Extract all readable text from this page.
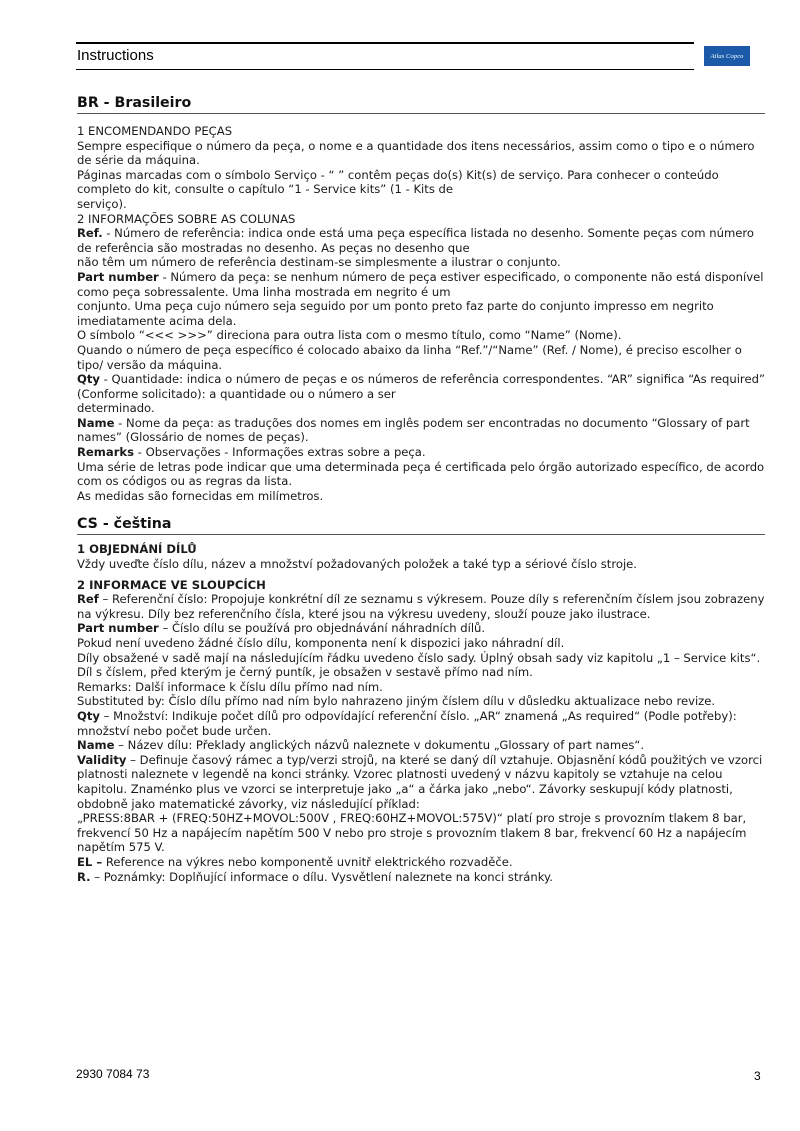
Instructions	Atlas Copco
BR - Brasileiro

1 ENCOMENDANDO PEÇAS

Sempre especifique o número da peça, o nome e a quantidade dos itens necessários, assim como o tipo e o número de série da máquina.

Páginas marcadas com o símbolo Serviço - “ ” contêm peças do(s) Kit(s) de serviço. Para conhecer o conteúdo completo do kit, consulte o capítulo “1 - Service kits” (1 - Kits de

serviço).

2 INFORMAÇÕES SOBRE AS COLUNAS

Ref. - Número de referência: indica onde está uma peça específica listada no desenho. Somente peças com número de referência são mostradas no desenho. As peças no desenho que

não têm um número de referência destinam-se simplesmente a ilustrar o conjunto.

Part number - Número da peça: se nenhum número de peça estiver especificado, o componente não está disponível como peça sobressalente. Uma linha mostrada em negrito é um

conjunto. Uma peça cujo número seja seguido por um ponto preto faz parte do conjunto impresso em negrito imediatamente acima dela.

O símbolo “<<< >>>” direciona para outra lista com o mesmo título, como “Name” (Nome).

Quando o número de peça específico é colocado abaixo da linha “Ref.”/“Name” (Ref. / Nome), é preciso escolher o tipo/ versão da máquina.

Qty - Quantidade: indica o número de peças e os números de referência correspondentes. “AR” significa “As required” (Conforme solicitado): a quantidade ou o número a ser

determinado.

Name - Nome da peça: as traduções dos nomes em inglês podem ser encontradas no documento “Glossary of part names” (Glossário de nomes de peças).

Remarks - Observações - Informações extras sobre a peça.

Uma série de letras pode indicar que uma determinada peça é certificada pelo órgão autorizado específico, de acordo com os códigos ou as regras da lista.

As medidas são fornecidas em milímetros.

CS - čeština

1 OBJEDNÁNÍ DÍLŮ

Vždy uveďte číslo dílu, název a množství požadovaných položek a také typ a sériové číslo stroje.

2 INFORMACE VE SLOUPCÍCH

Ref – Referenční číslo: Propojuje konkrétní díl ze seznamu s výkresem. Pouze díly s referenčním číslem jsou zobrazeny na výkresu. Díly bez referenčního čísla, které jsou na výkresu uvedeny, slouží pouze jako ilustrace.

Part number – Číslo dílu se používá pro objednávání náhradních dílů.

Pokud není uvedeno žádné číslo dílu, komponenta není k dispozici jako náhradní díl.

Díly obsažené v sadě mají na následujícím řádku uvedeno číslo sady. Úplný obsah sady viz kapitolu „1 – Service kits“.

Díl s číslem, před kterým je černý puntík, je obsažen v sestavě přímo nad ním.

Remarks: Další informace k číslu dílu přímo nad ním.

Substituted by: Číslo dílu přímo nad ním bylo nahrazeno jiným číslem dílu v důsledku aktualizace nebo revize.

Qty – Množství: Indikuje počet dílů pro odpovídající referenční číslo. „AR“ znamená „As required“ (Podle potřeby): množství nebo počet bude určen.

Name – Název dílu: Překlady anglických názvů naleznete v dokumentu „Glossary of part names“.

Validity – Definuje časový rámec a typ/verzi strojů, na které se daný díl vztahuje. Objasnění kódů použitých ve vzorci platnosti naleznete v legendě na konci stránky. Vzorec platnosti uvedený v názvu kapitoly se vztahuje na celou kapitolu. Znaménko plus ve vzorci se interpretuje jako „a“ a čárka jako „nebo“. Závorky seskupují kódy platnosti, obdobně jako matematické závorky, viz následující příklad:

„PRESS:8BAR + (FREQ:50HZ+MOVOL:500V , FREQ:60HZ+MOVOL:575V)“ platí pro stroje s provozním tlakem 8 bar, frekvencí 50 Hz a napájecím napětím 500 V nebo pro stroje s provozním tlakem 8 bar, frekvencí 60 Hz a napájecím napětím 575 V.

EL – Reference na výkres nebo komponentě uvnitř elektrického rozvaděče.

R. – Poznámky: Doplňující informace o dílu. Vysvětlení naleznete na konci stránky.

2930 7084 73	3
